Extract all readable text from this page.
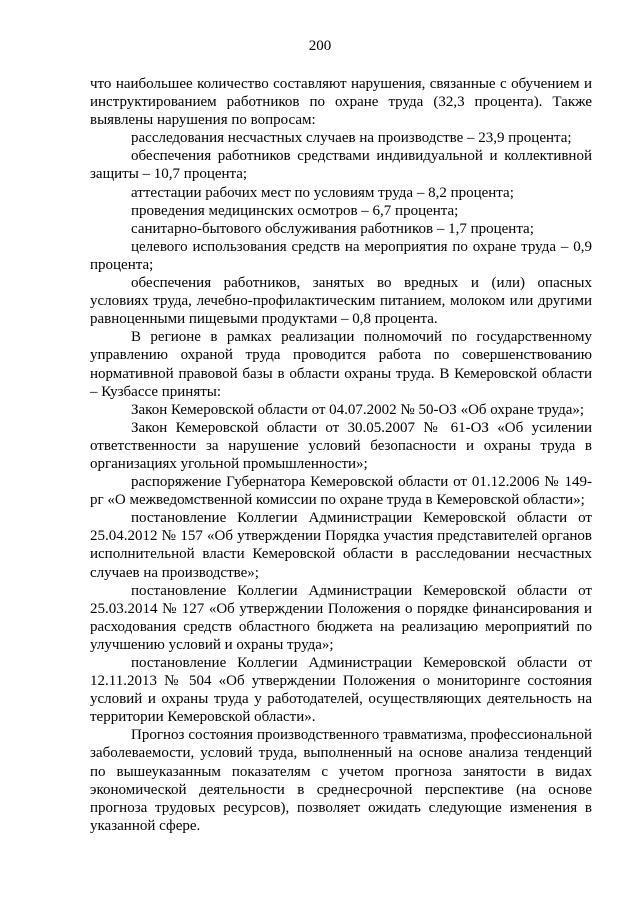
200

что наибольшее количество составляют нарушения, связанные с обучением и инструктированием работников по охране труда (32,3 процента). Также выявлены нарушения по вопросам:

расследования несчастных случаев на производстве – 23,9 процента;

обеспечения работников средствами индивидуальной и коллективной защиты – 10,7 процента;

аттестации рабочих мест по условиям труда – 8,2 процента;

проведения медицинских осмотров – 6,7 процента;

санитарно-бытового обслуживания работников – 1,7 процента;

целевого использования средств на мероприятия по охране труда – 0,9 процента;

обеспечения работников, занятых во вредных и (или) опасных условиях труда, лечебно-профилактическим питанием, молоком или другими равноценными пищевыми продуктами – 0,8 процента.

В регионе в рамках реализации полномочий по государственному управлению охраной труда проводится работа по совершенствованию нормативной правовой базы в области охраны труда. В Кемеровской области – Кузбассе приняты:

Закон Кемеровской области от 04.07.2002 № 50-ОЗ «Об охране труда»;

Закон Кемеровской области от 30.05.2007 № 61-ОЗ «Об усилении ответственности за нарушение условий безопасности и охраны труда в организациях угольной промышленности»;

распоряжение Губернатора Кемеровской области от 01.12.2006 № 149-рг «О межведомственной комиссии по охране труда в Кемеровской области»;

постановление Коллегии Администрации Кемеровской области от 25.04.2012 № 157 «Об утверждении Порядка участия представителей органов исполнительной власти Кемеровской области в расследовании несчастных случаев на производстве»;

постановление Коллегии Администрации Кемеровской области от 25.03.2014 № 127 «Об утверждении Положения о порядке финансирования и расходования средств областного бюджета на реализацию мероприятий по улучшению условий и охраны труда»;

постановление Коллегии Администрации Кемеровской области от 12.11.2013 № 504 «Об утверждении Положения о мониторинге состояния условий и охраны труда у работодателей, осуществляющих деятельность на территории Кемеровской области».

Прогноз состояния производственного травматизма, профессиональной заболеваемости, условий труда, выполненный на основе анализа тенденций по вышеуказанным показателям с учетом прогноза занятости в видах экономической деятельности в среднесрочной перспективе (на основе прогноза трудовых ресурсов), позволяет ожидать следующие изменения в указанной сфере.
